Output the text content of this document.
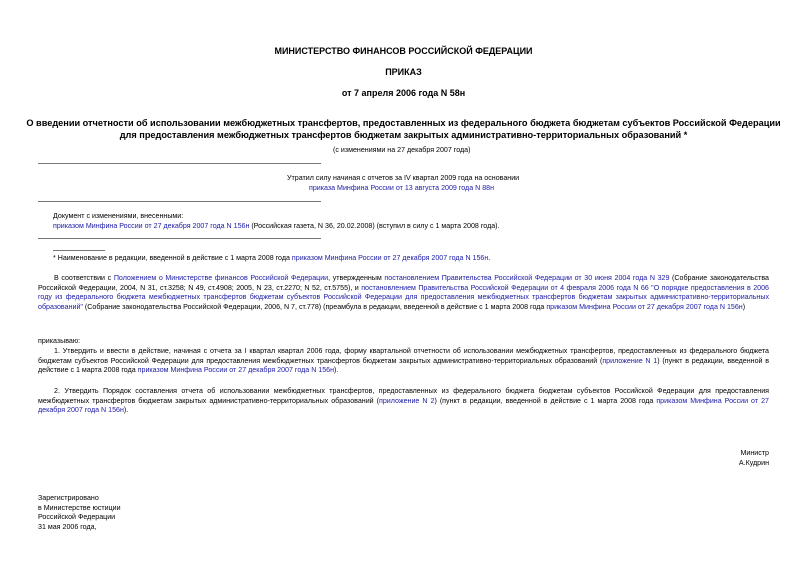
МИНИСТЕРСТВО ФИНАНСОВ РОССИЙСКОЙ ФЕДЕРАЦИИ
ПРИКАЗ
от 7 апреля 2006 года N 58н
О введении отчетности об использовании межбюджетных трансфертов, предоставленных из федерального бюджета бюджетам субъектов Российской Федерации
для предоставления межбюджетных трансфертов бюджетам закрытых административно-территориальных образований *
(с изменениями на 27 декабря 2007 года)
Утратил силу начиная с отчетов за IV квартал 2009 года на основании
приказа Минфина России от 13 августа 2009 года N 88н
Документ с изменениями, внесенными:
приказом Минфина России от 27 декабря 2007 года N 156н (Российская газета, N 36, 20.02.2008) (вступил в силу с 1 марта 2008 года).
* Наименование в редакции, введенной в действие с 1 марта 2008 года приказом Минфина России от 27 декабря 2007 года N 156н.
В соответствии с Положением о Министерстве финансов Российской Федерации, утвержденным постановлением Правительства Российской Федерации от 30 июня 2004 года N 329 (Собрание законодательства Российской Федерации, 2004, N 31, ст.3258; N 49, ст.4908; 2005, N 23, ст.2270; N 52, ст.5755), и постановлением Правительства Российской Федерации от 4 февраля 2006 года N 66 "О порядке предоставления в 2006 году из федерального бюджета межбюджетных трансфертов бюджетам субъектов Российской Федерации для предоставления межбюджетных трансфертов бюджетам закрытых административно-территориальных образований" (Собрание законодательства Российской Федерации, 2006, N 7, ст.778) (преамбула в редакции, введенной в действие с 1 марта 2008 года приказом Минфина России от 27 декабря 2007 года N 156н)
приказываю:
1. Утвердить и ввести в действие, начиная с отчета за I квартал квартал 2006 года, форму квартальной отчетности об использовании межбюджетных трансфертов, предоставленных из федерального бюджета бюджетам субъектов Российской Федерации для предоставления межбюджетных трансфертов бюджетам закрытых административно-территориальных образований (приложение N 1) (пункт в редакции, введенной в действие с 1 марта 2008 года приказом Минфина России от 27 декабря 2007 года N 156н).
2. Утвердить Порядок составления отчета об использовании межбюджетных трансфертов, предоставленных из федерального бюджета бюджетам субъектов Российской Федерации для предоставления межбюджетных трансфертов бюджетам закрытых административно-территориальных образований (приложение N 2) (пункт в редакции, введенной в действие с 1 марта 2008 года приказом Минфина России от 27 декабря 2007 года N 156н).
Министр
А.Кудрин
Зарегистрировано
в Министерстве юстиции
Российской Федерации
31 мая 2006 года,
